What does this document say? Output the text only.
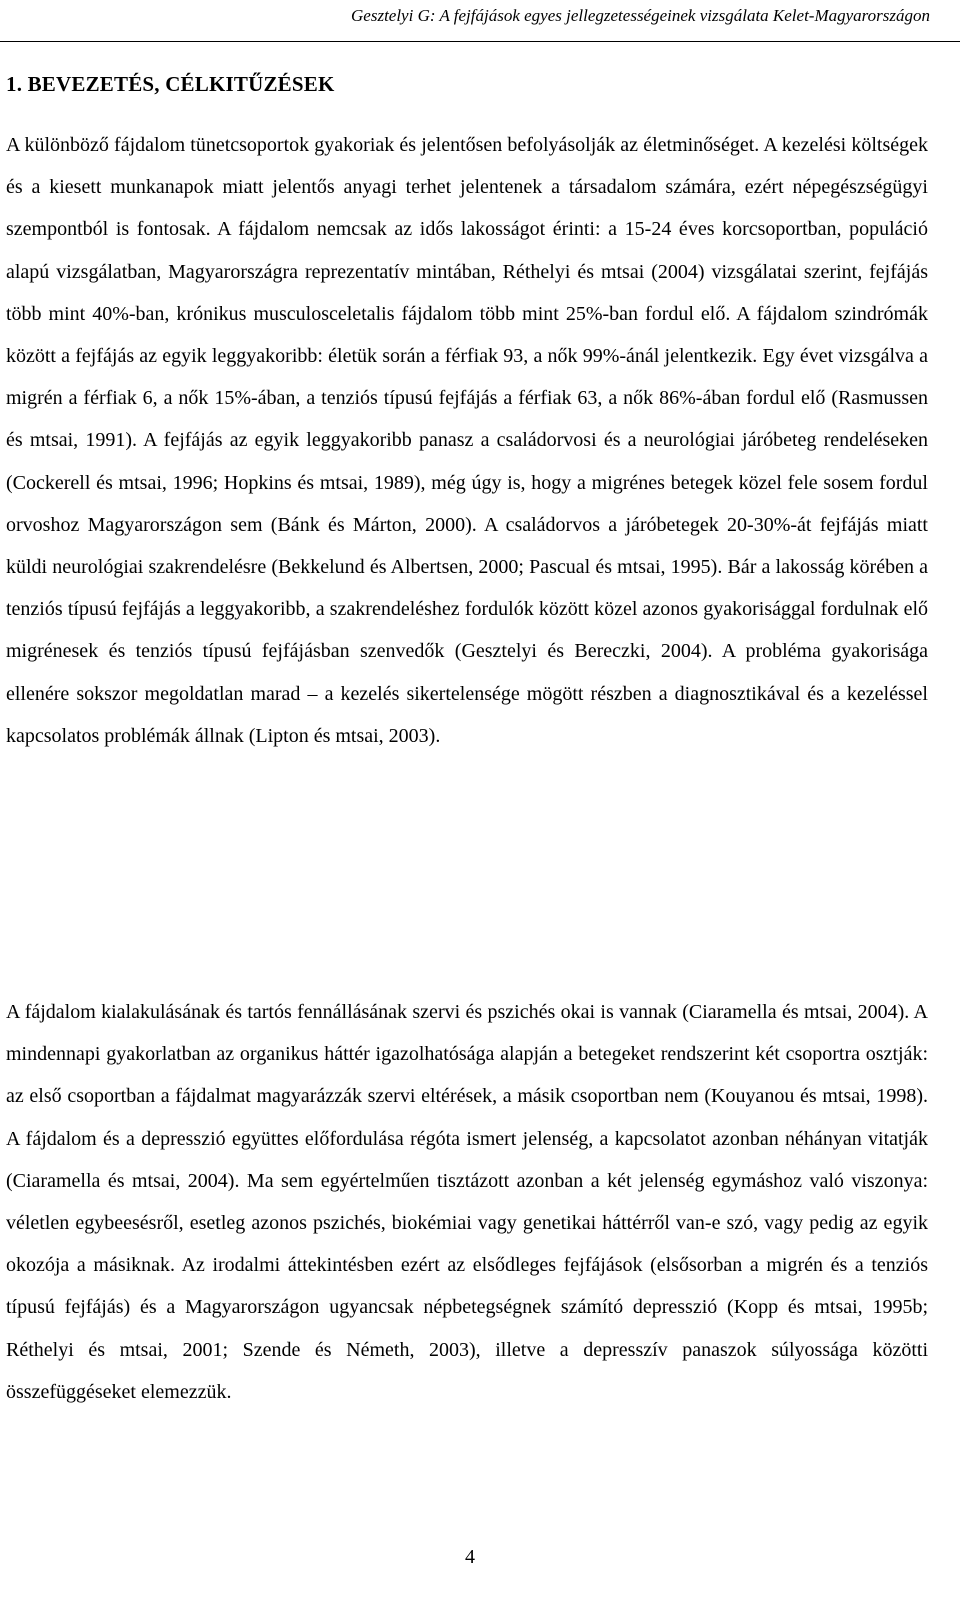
Gesztelyi G: A fejfájások egyes jellegzetességeinek vizsgálata Kelet-Magyarországon
1. BEVEZETÉS, CÉLKITŰZÉSEK

A különböző fájdalom tünetcsoportok gyakoriak és jelentősen befolyásolják az életminőséget. A kezelési költségek és a kiesett munkanapok miatt jelentős anyagi terhet jelentenek a társadalom számára, ezért népegészségügyi szempontból is fontosak. A fájdalom nemcsak az idős lakosságot érinti: a 15-24 éves korcsoportban, populáció alapú vizsgálatban, Magyarországra reprezentatív mintában, Réthelyi és mtsai (2004) vizsgálatai szerint, fejfájás több mint 40%-ban, krónikus musculosceletalis fájdalom több mint 25%-ban fordul elő. A fájdalom szindrómák között a fejfájás az egyik leggyakoribb: életük során a férfiak 93, a nők 99%-ánál jelentkezik. Egy évet vizsgálva a migrén a férfiak 6, a nők 15%-ában, a tenziós típusú fejfájás a férfiak 63, a nők 86%-ában fordul elő (Rasmussen és mtsai, 1991). A fejfájás az egyik leggyakoribb panasz a családorvosi és a neurológiai járóbeteg rendeléseken (Cockerell és mtsai, 1996; Hopkins és mtsai, 1989), még úgy is, hogy a migrénes betegek közel fele sosem fordul orvoshoz Magyarországon sem (Bánk és Márton, 2000). A családorvos a járóbetegek 20-30%-át fejfájás miatt küldi neurológiai szakrendelésre (Bekkelund és Albertsen, 2000; Pascual és mtsai, 1995). Bár a lakosság körében a tenziós típusú fejfájás a leggyakoribb, a szakrendeléshez fordulók között közel azonos gyakorisággal fordulnak elő migrénesek és tenziós típusú fejfájásban szenvedők (Gesztelyi és Bereczki, 2004). A probléma gyakorisága ellenére sokszor megoldatlan marad – a kezelés sikertelensége mögött részben a diagnosztikával és a kezeléssel kapcsolatos problémák állnak (Lipton és mtsai, 2003).

A fájdalom kialakulásának és tartós fennállásának szervi és pszichés okai is vannak (Ciaramella és mtsai, 2004). A mindennapi gyakorlatban az organikus háttér igazolhatósága alapján a betegeket rendszerint két csoportra osztják: az első csoportban a fájdalmat magyarázzák szervi eltérések, a másik csoportban nem (Kouyanou és mtsai, 1998). A fájdalom és a depresszió együttes előfordulása régóta ismert jelenség, a kapcsolatot azonban néhányan vitatják (Ciaramella és mtsai, 2004). Ma sem egyértelműen tisztázott azonban a két jelenség egymáshoz való viszonya: véletlen egybeesésről, esetleg azonos pszichés, biokémiai vagy genetikai háttérről van-e szó, vagy pedig az egyik okozója a másiknak. Az irodalmi áttekintésben ezért az elsődleges fejfájások (elsősorban a migrén és a tenziós típusú fejfájás) és a Magyarországon ugyancsak népbetegségnek számító depresszió (Kopp és mtsai, 1995b; Réthelyi és mtsai, 2001; Szende és Németh, 2003), illetve a depresszív panaszok súlyossága közötti összefüggéseket elemezzük.

4
